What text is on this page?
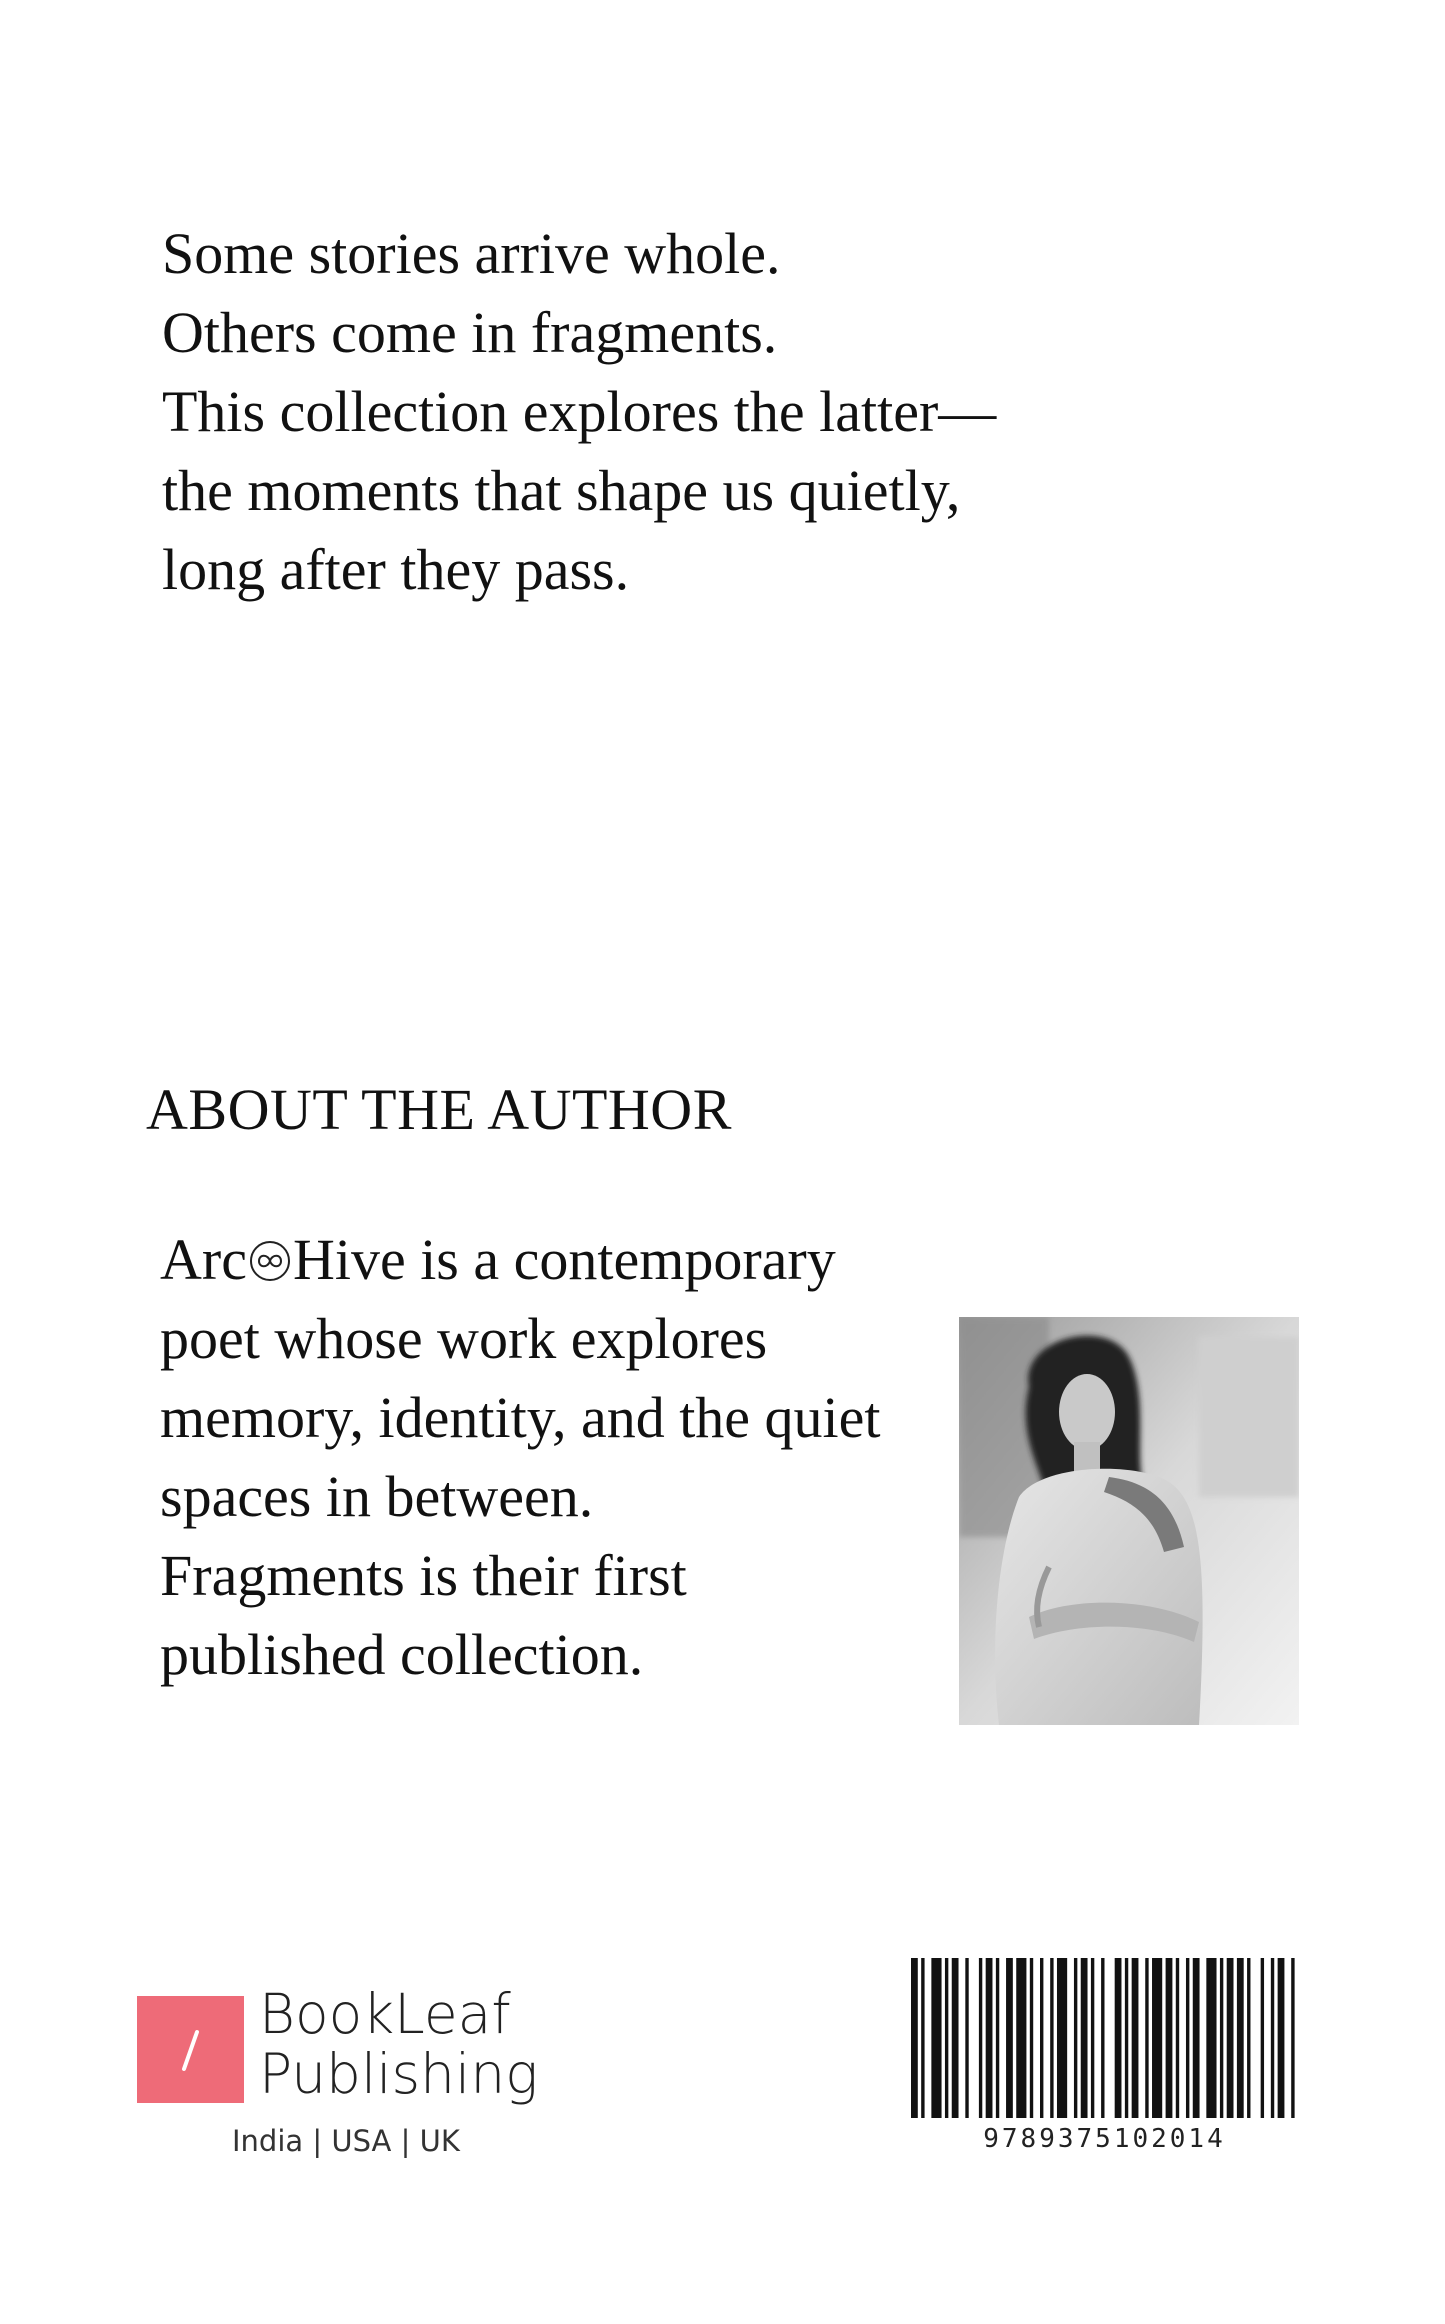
Some stories arrive whole.
Others come in fragments.
This collection explores the latter—
the moments that shape us quietly,
long after they pass.
ABOUT THE AUTHOR
Arc Hive is a contemporary
poet whose work explores
memory, identity, and the quiet
spaces in between.
Fragments is their first
published collection.
BookLeaf
Publishing
India | USA | UK	9789375102014
